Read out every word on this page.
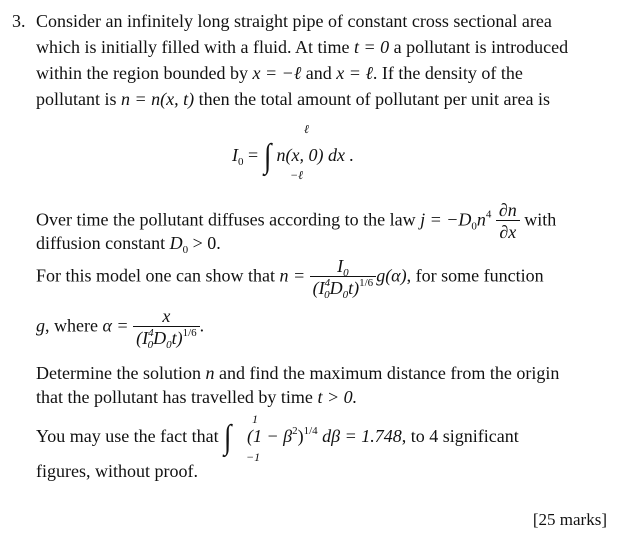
3. Consider an infinitely long straight pipe of constant cross sectional area
which is initially filled with a fluid. At time t = 0 a pollutant is introduced
within the region bounded by x = −ℓ and x = ℓ. If the density of the
pollutant is n = n(x, t) then the total amount of pollutant per unit area is
$I_0$ = ∫ n(x, 0) dx .
ℓ
−ℓ
Over time the pollutant diffuses according to the law $j = -D_0n^4 \frac{\partial n}{\partial x}$ with
diffusion constant $D_0 > 0$.
For this model one can show that $n = \frac{I_0}{(I^4_0D_0t)^{1/6}} g(\alpha)$, for some function
g, where $\alpha = \frac{x}{(I^4_0D_0t)^{1/6}}$ .
Determine the solution n and find the maximum distance from the origin
that the pollutant has travelled by time t > 0.
You may use the fact that ∫ $(1 - \beta^2)^{1/4}$ dβ = 1.748, to 4 significant
1
−1
figures, without proof.
[25 marks]
